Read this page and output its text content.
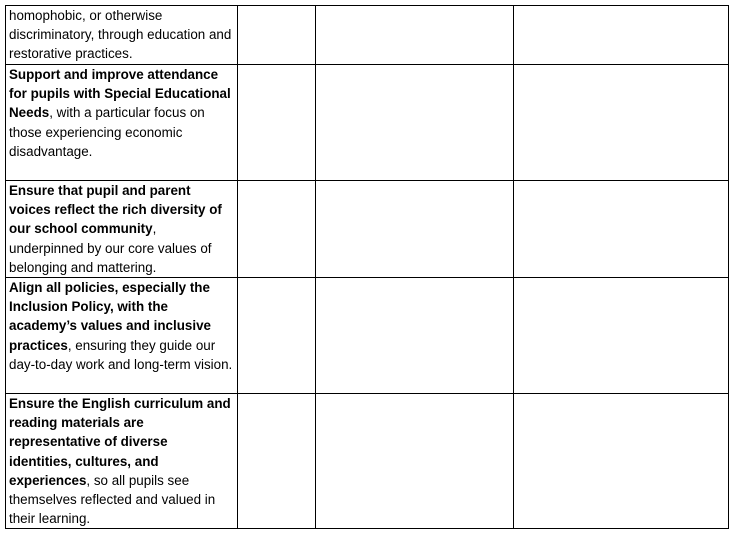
homophobic, or otherwise discriminatory, through education and restorative practices.			
Support and improve attendance for pupils with Special Educational Needs, with a particular focus on those experiencing economic disadvantage.			
Ensure that pupil and parent voices reflect the rich diversity of our school community, underpinned by our core values of belonging and mattering.			
Align all policies, especially the Inclusion Policy, with the academy’s values and inclusive practices, ensuring they guide our day-to-day work and long-term vision.			
Ensure the English curriculum and reading materials are representative of diverse identities, cultures, and experiences, so all pupils see themselves reflected and valued in their learning.			
